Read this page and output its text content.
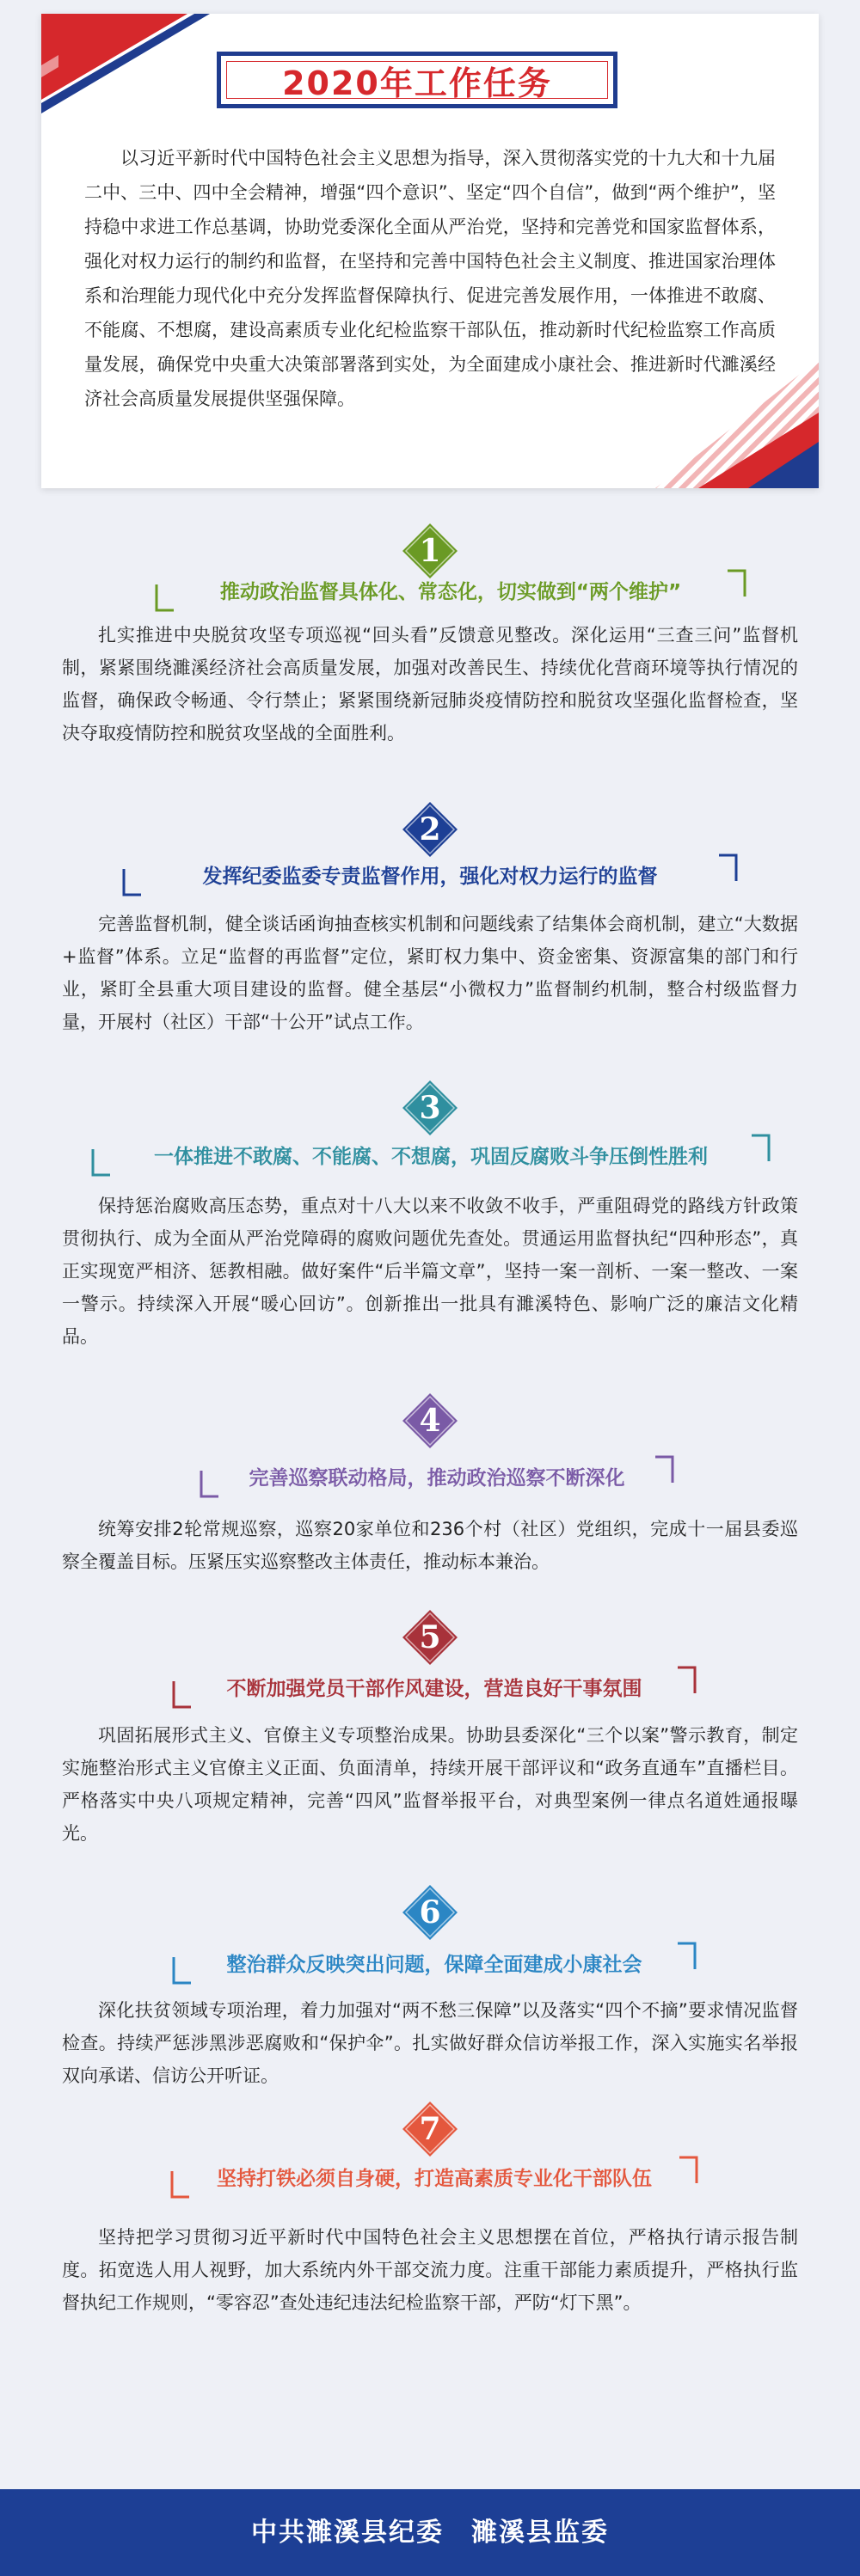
2020年工作任务
以习近平新时代中国特色社会主义思想为指导，深入贯彻落实党的十九大和十九届二中、三中、四中全会精神，增强“四个意识”、坚定“四个自信”，做到“两个维护”，坚持稳中求进工作总基调，协助党委深化全面从严治党，坚持和完善党和国家监督体系，强化对权力运行的制约和监督，在坚持和完善中国特色社会主义制度、推进国家治理体系和治理能力现代化中充分发挥监督保障执行、促进完善发展作用，一体推进不敢腐、不能腐、不想腐，建设高素质专业化纪检监察干部队伍，推动新时代纪检监察工作高质量发展，确保党中央重大决策部署落到实处，为全面建成小康社会、推进新时代濉溪经济社会高质量发展提供坚强保障。
1
推动政治监督具体化、常态化，切实做到“两个维护”
扎实推进中央脱贫攻坚专项巡视“回头看”反馈意见整改。深化运用“三查三问”监督机制，紧紧围绕濉溪经济社会高质量发展，加强对改善民生、持续优化营商环境等执行情况的监督，确保政令畅通、令行禁止；紧紧围绕新冠肺炎疫情防控和脱贫攻坚强化监督检查，坚决夺取疫情防控和脱贫攻坚战的全面胜利。
2
发挥纪委监委专责监督作用，强化对权力运行的监督
完善监督机制，健全谈话函询抽查核实机制和问题线索了结集体会商机制，建立“大数据+监督”体系。立足“监督的再监督”定位，紧盯权力集中、资金密集、资源富集的部门和行业，紧盯全县重大项目建设的监督。健全基层“小微权力”监督制约机制，整合村级监督力量，开展村（社区）干部“十公开”试点工作。
3
一体推进不敢腐、不能腐、不想腐，巩固反腐败斗争压倒性胜利
保持惩治腐败高压态势，重点对十八大以来不收敛不收手，严重阻碍党的路线方针政策贯彻执行、成为全面从严治党障碍的腐败问题优先查处。贯通运用监督执纪“四种形态”，真正实现宽严相济、惩教相融。做好案件“后半篇文章”，坚持一案一剖析、一案一整改、一案一警示。持续深入开展“暖心回访”。创新推出一批具有濉溪特色、影响广泛的廉洁文化精品。
4
完善巡察联动格局，推动政治巡察不断深化
统筹安排2轮常规巡察，巡察20家单位和236个村（社区）党组织，完成十一届县委巡察全覆盖目标。压紧压实巡察整改主体责任，推动标本兼治。
5
不断加强党员干部作风建设，营造良好干事氛围
巩固拓展形式主义、官僚主义专项整治成果。协助县委深化“三个以案”警示教育，制定实施整治形式主义官僚主义正面、负面清单，持续开展干部评议和“政务直通车”直播栏目。严格落实中央八项规定精神，完善“四风”监督举报平台，对典型案例一律点名道姓通报曝光。
6
整治群众反映突出问题，保障全面建成小康社会
深化扶贫领域专项治理，着力加强对“两不愁三保障”以及落实“四个不摘”要求情况监督检查。持续严惩涉黑涉恶腐败和“保护伞”。扎实做好群众信访举报工作，深入实施实名举报双向承诺、信访公开听证。
7
坚持打铁必须自身硬，打造高素质专业化干部队伍
坚持把学习贯彻习近平新时代中国特色社会主义思想摆在首位，严格执行请示报告制度。拓宽选人用人视野，加大系统内外干部交流力度。注重干部能力素质提升，严格执行监督执纪工作规则，“零容忍”查处违纪违法纪检监察干部，严防“灯下黑”。
中共濉溪县纪委　濉溪县监委
